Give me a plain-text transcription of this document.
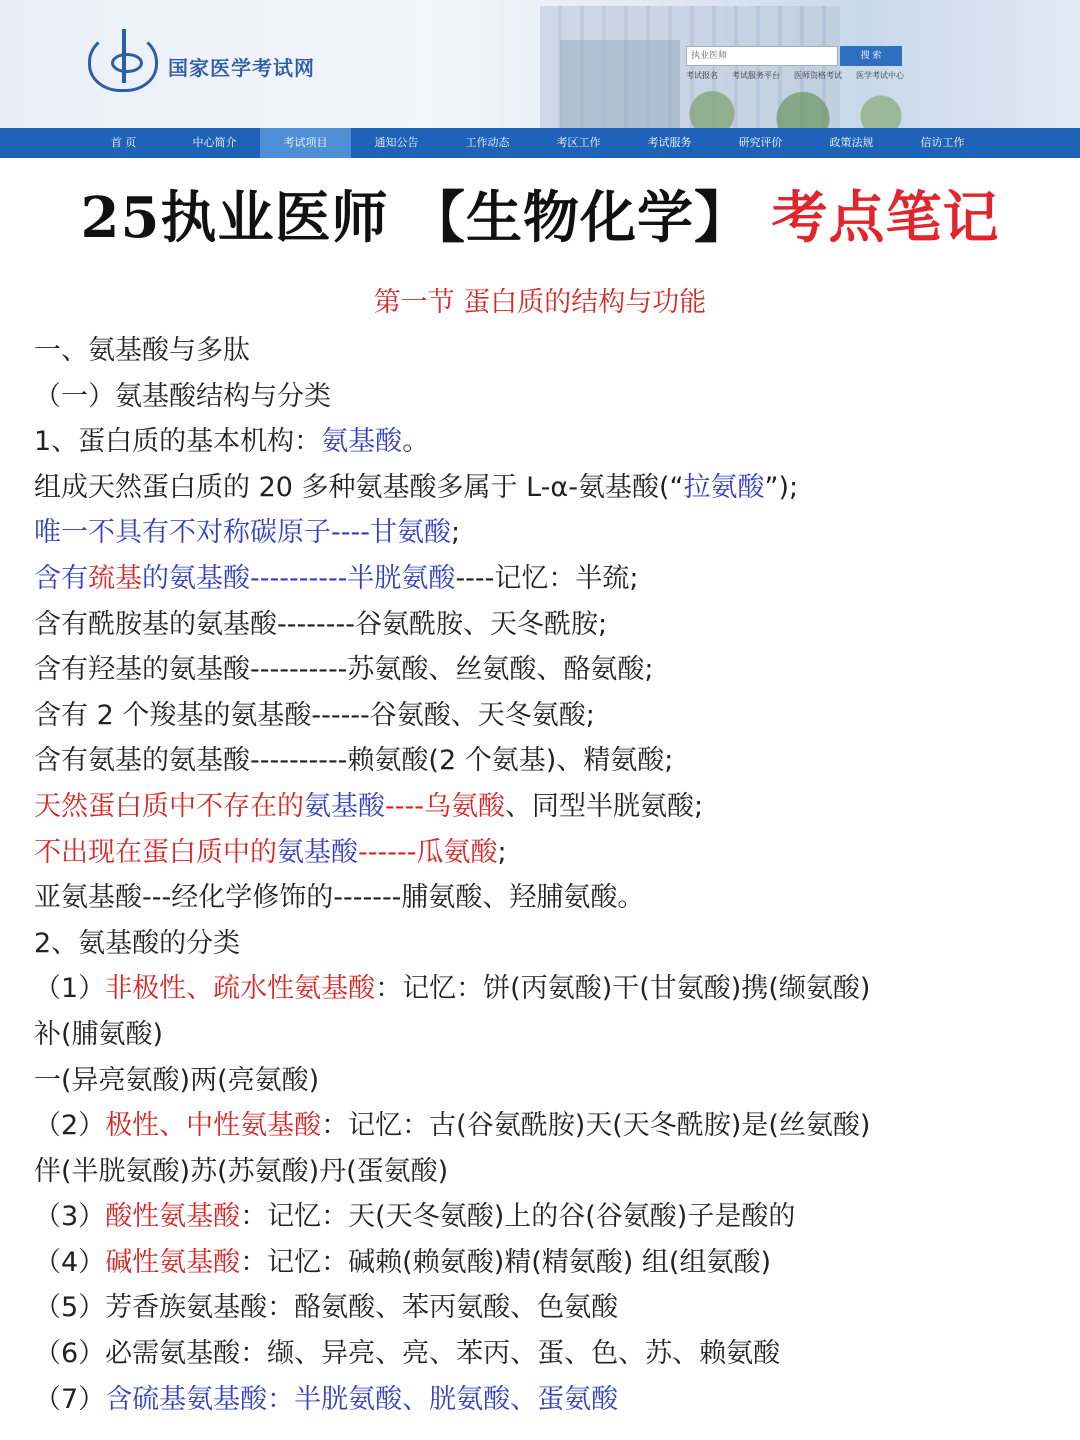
国家医学考试网	执业医师	搜 索
考试报名 考试服务平台 医师资格考试 医学考试中心
首 页	中心简介	考试项目	通知公告	工作动态	考区工作	考试服务	研究评价	政策法规	信访工作
25执业医师 【生物化学】 考点笔记
第一节 蛋白质的结构与功能
一、氨基酸与多肽
（一）氨基酸结构与分类
1、蛋白质的基本机构：氨基酸。
组成天然蛋白质的 20 多种氨基酸多属于 L-α-氨基酸(“拉氨酸”);
唯一不具有不对称碳原子----甘氨酸;
含有巯基的氨基酸----------半胱氨酸----记忆：半巯;
含有酰胺基的氨基酸--------谷氨酰胺、天冬酰胺;
含有羟基的氨基酸----------苏氨酸、丝氨酸、酪氨酸;
含有 2 个羧基的氨基酸------谷氨酸、天冬氨酸;
含有氨基的氨基酸----------赖氨酸(2 个氨基)、精氨酸;
天然蛋白质中不存在的氨基酸----乌氨酸、同型半胱氨酸;
不出现在蛋白质中的氨基酸------瓜氨酸;
亚氨基酸---经化学修饰的-------脯氨酸、羟脯氨酸。
2、氨基酸的分类
（1）非极性、疏水性氨基酸：记忆：饼(丙氨酸)干(甘氨酸)携(缬氨酸)
补(脯氨酸)
一(异亮氨酸)两(亮氨酸)
（2）极性、中性氨基酸：记忆：古(谷氨酰胺)天(天冬酰胺)是(丝氨酸)
伴(半胱氨酸)苏(苏氨酸)丹(蛋氨酸)
（3）酸性氨基酸：记忆：天(天冬氨酸)上的谷(谷氨酸)子是酸的
（4）碱性氨基酸：记忆：碱赖(赖氨酸)精(精氨酸) 组(组氨酸)
（5）芳香族氨基酸：酪氨酸、苯丙氨酸、色氨酸
（6）必需氨基酸：缬、异亮、亮、苯丙、蛋、色、苏、赖氨酸
（7）含硫基氨基酸：半胱氨酸、胱氨酸、蛋氨酸
